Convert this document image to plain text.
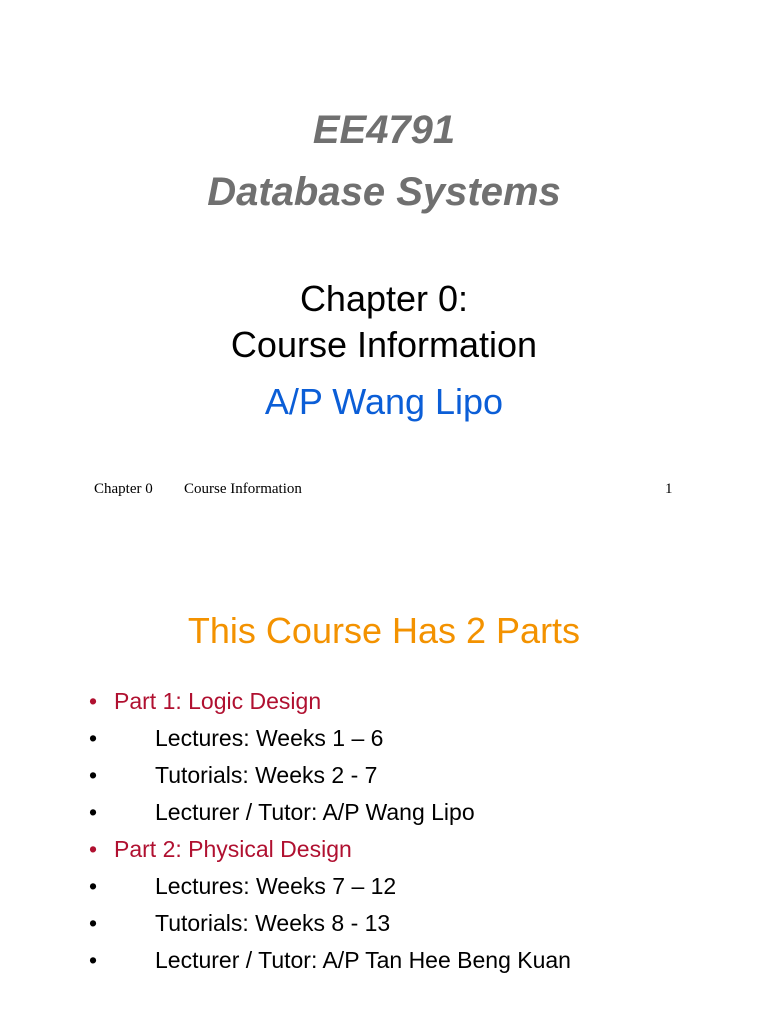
EE4791
Database Systems
Chapter 0:
Course Information
A/P Wang Lipo
Chapter 0 Course Information	1
This Course Has 2 Parts
• Part 1: Logic Design
•	Lectures: Weeks 1 – 6
•	Tutorials: Weeks 2 - 7
•	Lecturer / Tutor: A/P Wang Lipo
• Part 2: Physical Design
•	Lectures: Weeks 7 – 12
•	Tutorials: Weeks 8 - 13
•	Lecturer / Tutor: A/P Tan Hee Beng Kuan
